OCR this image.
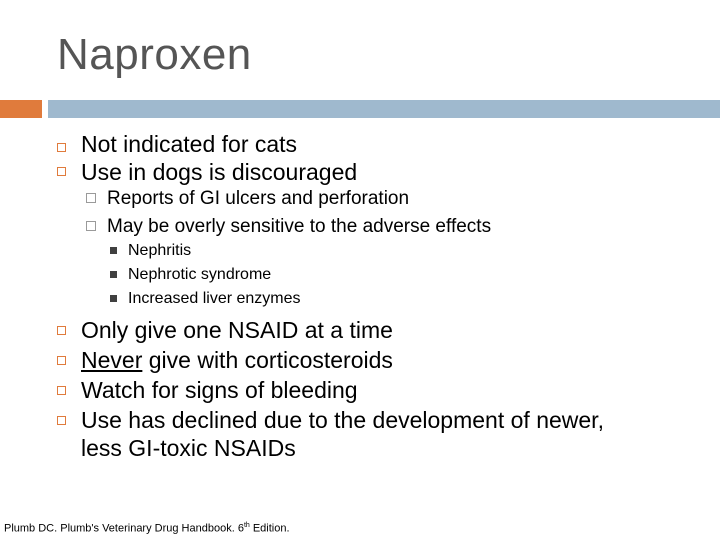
Naproxen
Not indicated for cats
Use in dogs is discouraged
Reports of GI ulcers and perforation
May be overly sensitive to the adverse effects
Nephritis
Nephrotic syndrome
Increased liver enzymes
Only give one NSAID at a time
Never give with corticosteroids
Watch for signs of bleeding
Use has declined due to the development of newer,
less GI-toxic NSAIDs
Plumb DC. Plumb's Veterinary Drug Handbook. 6th Edition.
